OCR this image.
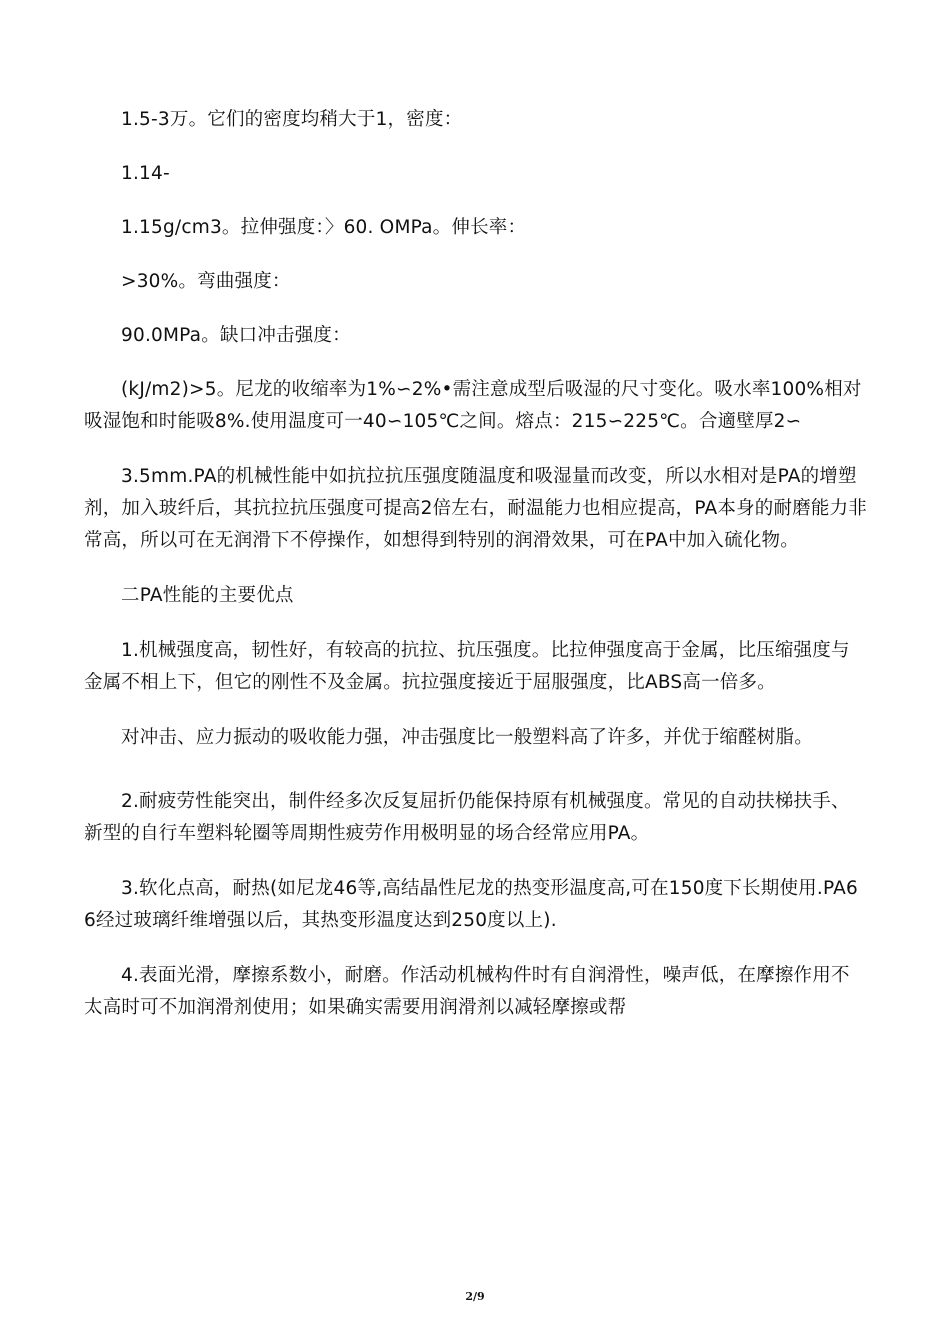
1.5-3万。它们的密度均稍大于1，密度：

1.14-

1.15g/cm3。拉伸强度：〉60. OMPa。伸长率：

>30%。弯曲强度：

90.0MPa。缺口冲击强度：

(kJ/m2)>5。尼龙的收缩率为1%∽2%•需注意成型后吸湿的尺寸变化。吸水率100%相对吸湿饱和时能吸8%.使用温度可一40∽105℃之间。熔点：215∽225℃。合適壁厚2∽

3.5mm.PA的机械性能中如抗拉抗压强度随温度和吸湿量而改变，所以水相对是PA的增塑剂，加入玻纤后，其抗拉抗压强度可提高2倍左右，耐温能力也相应提高，PA本身的耐磨能力非常高，所以可在无润滑下不停操作，如想得到特别的润滑效果，可在PA中加入硫化物。

二PA性能的主要优点

1.机械强度高，韧性好，有较高的抗拉、抗压强度。比拉伸强度高于金属，比压缩强度与金属不相上下，但它的刚性不及金属。抗拉强度接近于屈服强度，比ABS高一倍多。

对冲击、应力振动的吸收能力强，冲击强度比一般塑料高了许多，并优于缩醛树脂。

2.耐疲劳性能突出，制件经多次反复屈折仍能保持原有机械强度。常见的自动扶梯扶手、新型的自行车塑料轮圈等周期性疲劳作用极明显的场合经常应用PA。

3.软化点高，耐热(如尼龙46等,高结晶性尼龙的热变形温度高,可在150度下长期使用.PA66经过玻璃纤维增强以后，其热变形温度达到250度以上).

4.表面光滑，摩擦系数小，耐磨。作活动机械构件时有自润滑性，噪声低，在摩擦作用不太高时可不加润滑剂使用；如果确实需要用润滑剂以减轻摩擦或帮

2/9
